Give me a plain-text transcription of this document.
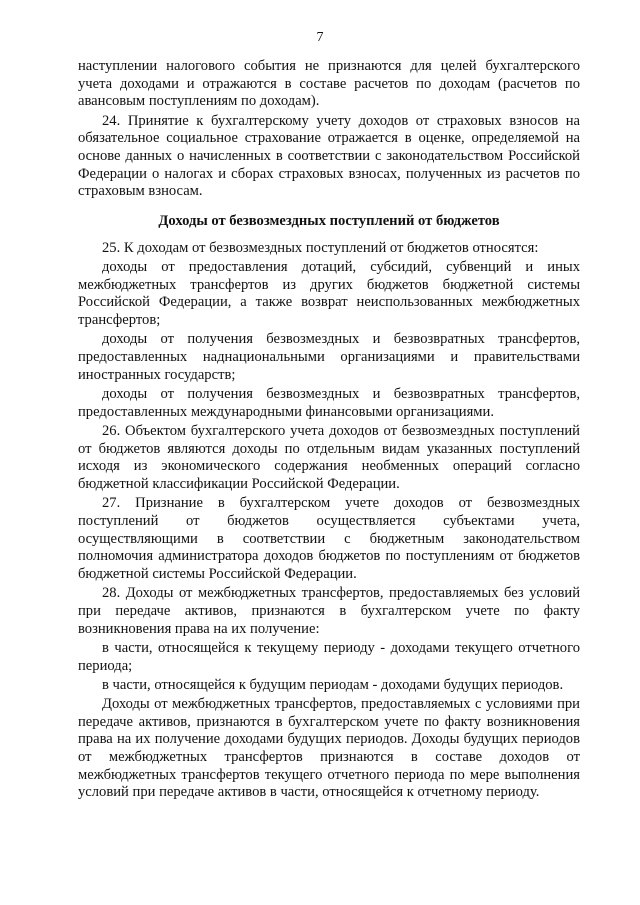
7

наступлении налогового события не признаются для целей бухгалтерского учета доходами и отражаются в составе расчетов по доходам (расчетов по авансовым поступлениям по доходам).

24. Принятие к бухгалтерскому учету доходов от страховых взносов на обязательное социальное страхование отражается в оценке, определяемой на основе данных о начисленных в соответствии с законодательством Российской Федерации о налогах и сборах страховых взносах, полученных из расчетов по страховым взносам.

Доходы от безвозмездных поступлений от бюджетов

25. К доходам от безвозмездных поступлений от бюджетов относятся:

доходы от предоставления дотаций, субсидий, субвенций и иных межбюджетных трансфертов из других бюджетов бюджетной системы Российской Федерации, а также возврат неиспользованных межбюджетных трансфертов;

доходы от получения безвозмездных и безвозвратных трансфертов, предоставленных наднациональными организациями и правительствами иностранных государств;

доходы от получения безвозмездных и безвозвратных трансфертов, предоставленных международными финансовыми организациями.

26. Объектом бухгалтерского учета доходов от безвозмездных поступлений от бюджетов являются доходы по отдельным видам указанных поступлений исходя из экономического содержания необменных операций согласно бюджетной классификации Российской Федерации.

27. Признание в бухгалтерском учете доходов от безвозмездных поступлений от бюджетов осуществляется субъектами учета, осуществляющими в соответствии с бюджетным законодательством полномочия администратора доходов бюджетов по поступлениям от бюджетов бюджетной системы Российской Федерации.

28. Доходы от межбюджетных трансфертов, предоставляемых без условий при передаче активов, признаются в бухгалтерском учете по факту возникновения права на их получение:

в части, относящейся к текущему периоду - доходами текущего отчетного периода;

в части, относящейся к будущим периодам - доходами будущих периодов.

Доходы от межбюджетных трансфертов, предоставляемых с условиями при передаче активов, признаются в бухгалтерском учете по факту возникновения права на их получение доходами будущих периодов. Доходы будущих периодов от межбюджетных трансфертов признаются в составе доходов от межбюджетных трансфертов текущего отчетного периода по мере выполнения условий при передаче активов в части, относящейся к отчетному периоду.
